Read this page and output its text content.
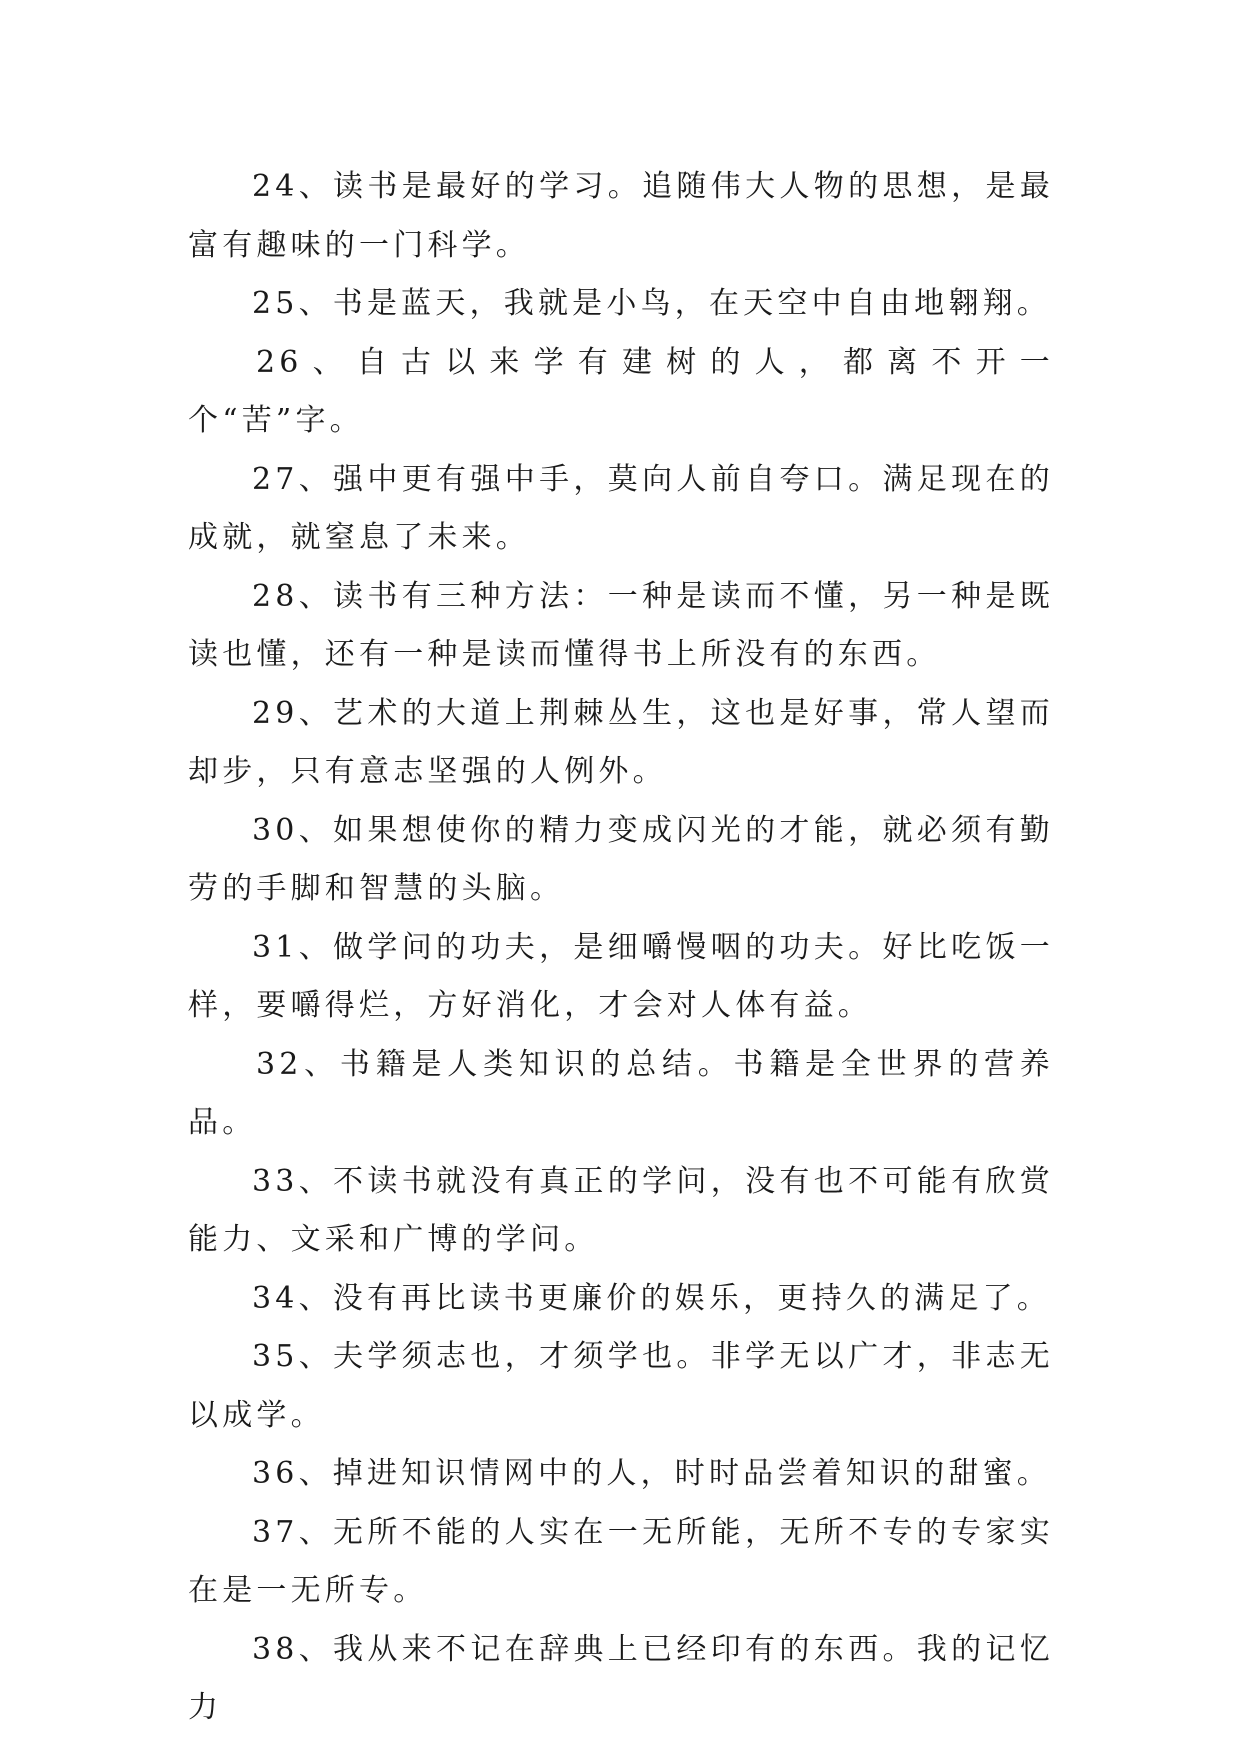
24、读书是最好的学习。追随伟大人物的思想，是最富有趣味的一门科学。

25、书是蓝天，我就是小鸟，在天空中自由地翱翔。

26、自古以来学有建树的人，都离不开一个“苦”字。

27、强中更有强中手，莫向人前自夸口。满足现在的成就，就窒息了未来。

28、读书有三种方法：一种是读而不懂，另一种是既读也懂，还有一种是读而懂得书上所没有的东西。

29、艺术的大道上荆棘丛生，这也是好事，常人望而却步，只有意志坚强的人例外。

30、如果想使你的精力变成闪光的才能，就必须有勤劳的手脚和智慧的头脑。

31、做学问的功夫，是细嚼慢咽的功夫。好比吃饭一样，要嚼得烂，方好消化，才会对人体有益。

32、书籍是人类知识的总结。书籍是全世界的营养品。

33、不读书就没有真正的学问，没有也不可能有欣赏能力、文采和广博的学问。

34、没有再比读书更廉价的娱乐，更持久的满足了。

35、夫学须志也，才须学也。非学无以广才，非志无以成学。

36、掉进知识情网中的人，时时品尝着知识的甜蜜。

37、无所不能的人实在一无所能，无所不专的专家实在是一无所专。

38、我从来不记在辞典上已经印有的东西。我的记忆力
